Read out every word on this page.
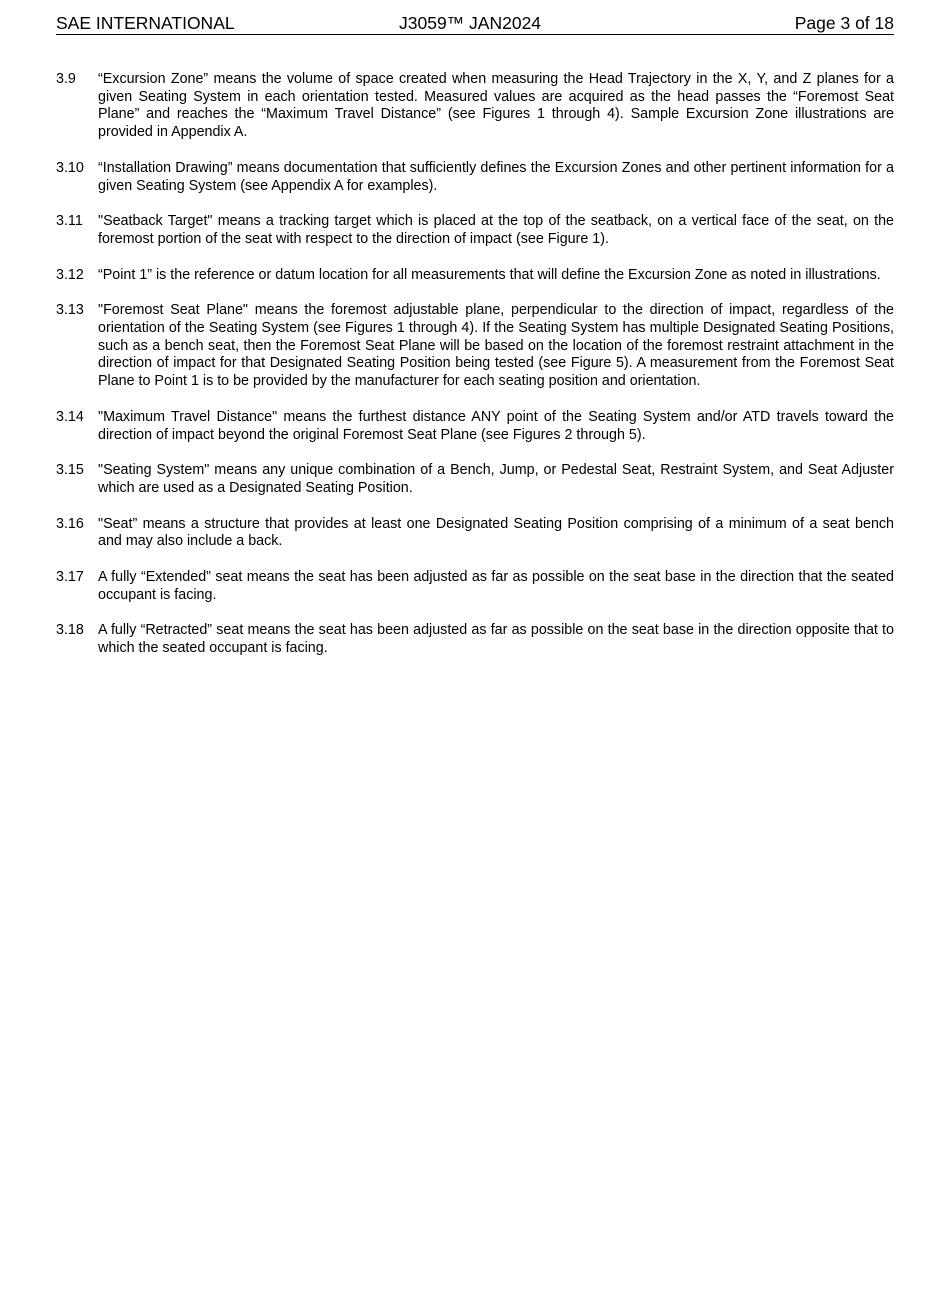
SAE INTERNATIONAL	J3059™ JAN2024	Page 3 of 18
3.9	“Excursion Zone” means the volume of space created when measuring the Head Trajectory in the X, Y, and Z planes for a given Seating System in each orientation tested. Measured values are acquired as the head passes the “Foremost Seat Plane” and reaches the “Maximum Travel Distance” (see Figures 1 through 4). Sample Excursion Zone illustrations are provided in Appendix A.
3.10 “Installation Drawing” means documentation that sufficiently defines the Excursion Zones and other pertinent information for a given Seating System (see Appendix A for examples).
3.11	"Seatback Target" means a tracking target which is placed at the top of the seatback, on a vertical face of the seat, on the foremost portion of the seat with respect to the direction of impact (see Figure 1).
3.12 “Point 1” is the reference or datum location for all measurements that will define the Excursion Zone as noted in illustrations.
3.13 "Foremost Seat Plane" means the foremost adjustable plane, perpendicular to the direction of impact, regardless of the orientation of the Seating System (see Figures 1 through 4). If the Seating System has multiple Designated Seating Positions, such as a bench seat, then the Foremost Seat Plane will be based on the location of the foremost restraint attachment in the direction of impact for that Designated Seating Position being tested (see Figure 5). A measurement from the Foremost Seat Plane to Point 1 is to be provided by the manufacturer for each seating position and orientation.
3.14 "Maximum Travel Distance" means the furthest distance ANY point of the Seating System and/or ATD travels toward the direction of impact beyond the original Foremost Seat Plane (see Figures 2 through 5).
3.15 "Seating System" means any unique combination of a Bench, Jump, or Pedestal Seat, Restraint System, and Seat Adjuster which are used as a Designated Seating Position.
3.16 "Seat” means a structure that provides at least one Designated Seating Position comprising of a minimum of a seat bench and may also include a back.
3.17 A fully “Extended” seat means the seat has been adjusted as far as possible on the seat base in the direction that the seated occupant is facing.
3.18 A fully “Retracted” seat means the seat has been adjusted as far as possible on the seat base in the direction opposite that to which the seated occupant is facing.
